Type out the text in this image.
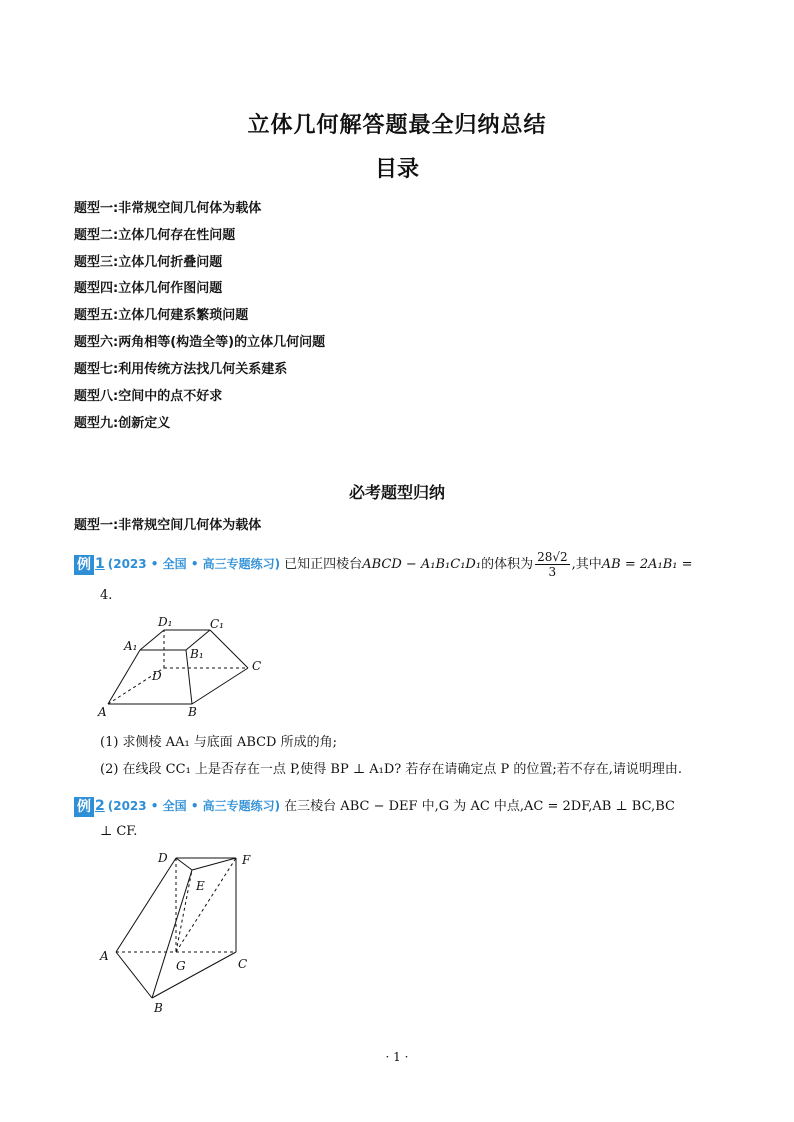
立体几何解答题最全归纳总结
目录
题型一:非常规空间几何体为载体
题型二:立体几何存在性问题
题型三:立体几何折叠问题
题型四:立体几何作图问题
题型五:立体几何建系繁琐问题
题型六:两角相等(构造全等)的立体几何问题
题型七:利用传统方法找几何关系建系
题型八:空间中的点不好求
题型九:创新定义
必考题型归纳
题型一:非常规空间几何体为载体
例 1 (2023 • 全国 • 高三专题练习) 已知正四棱台ABCD − A₁B₁C₁D₁的体积为 $\frac{28√2}{3}$ ,其中AB = 2A₁B₁ =
4.
A	B
C
D
A₁
B₁
C₁
D₁
(1) 求侧棱 AA₁ 与底面 ABCD 所成的角;
(2) 在线段 CC₁ 上是否存在一点 P,使得 BP ⊥ A₁D? 若存在请确定点 P 的位置;若不存在,请说明理由.
例 2 (2023 • 全国 • 高三专题练习) 在三棱台 ABC − DEF 中,G 为 AC 中点,AC = 2DF,AB ⊥ BC,BC
⊥ CF.
A
B
C
D
E
F
G
· 1 ·
